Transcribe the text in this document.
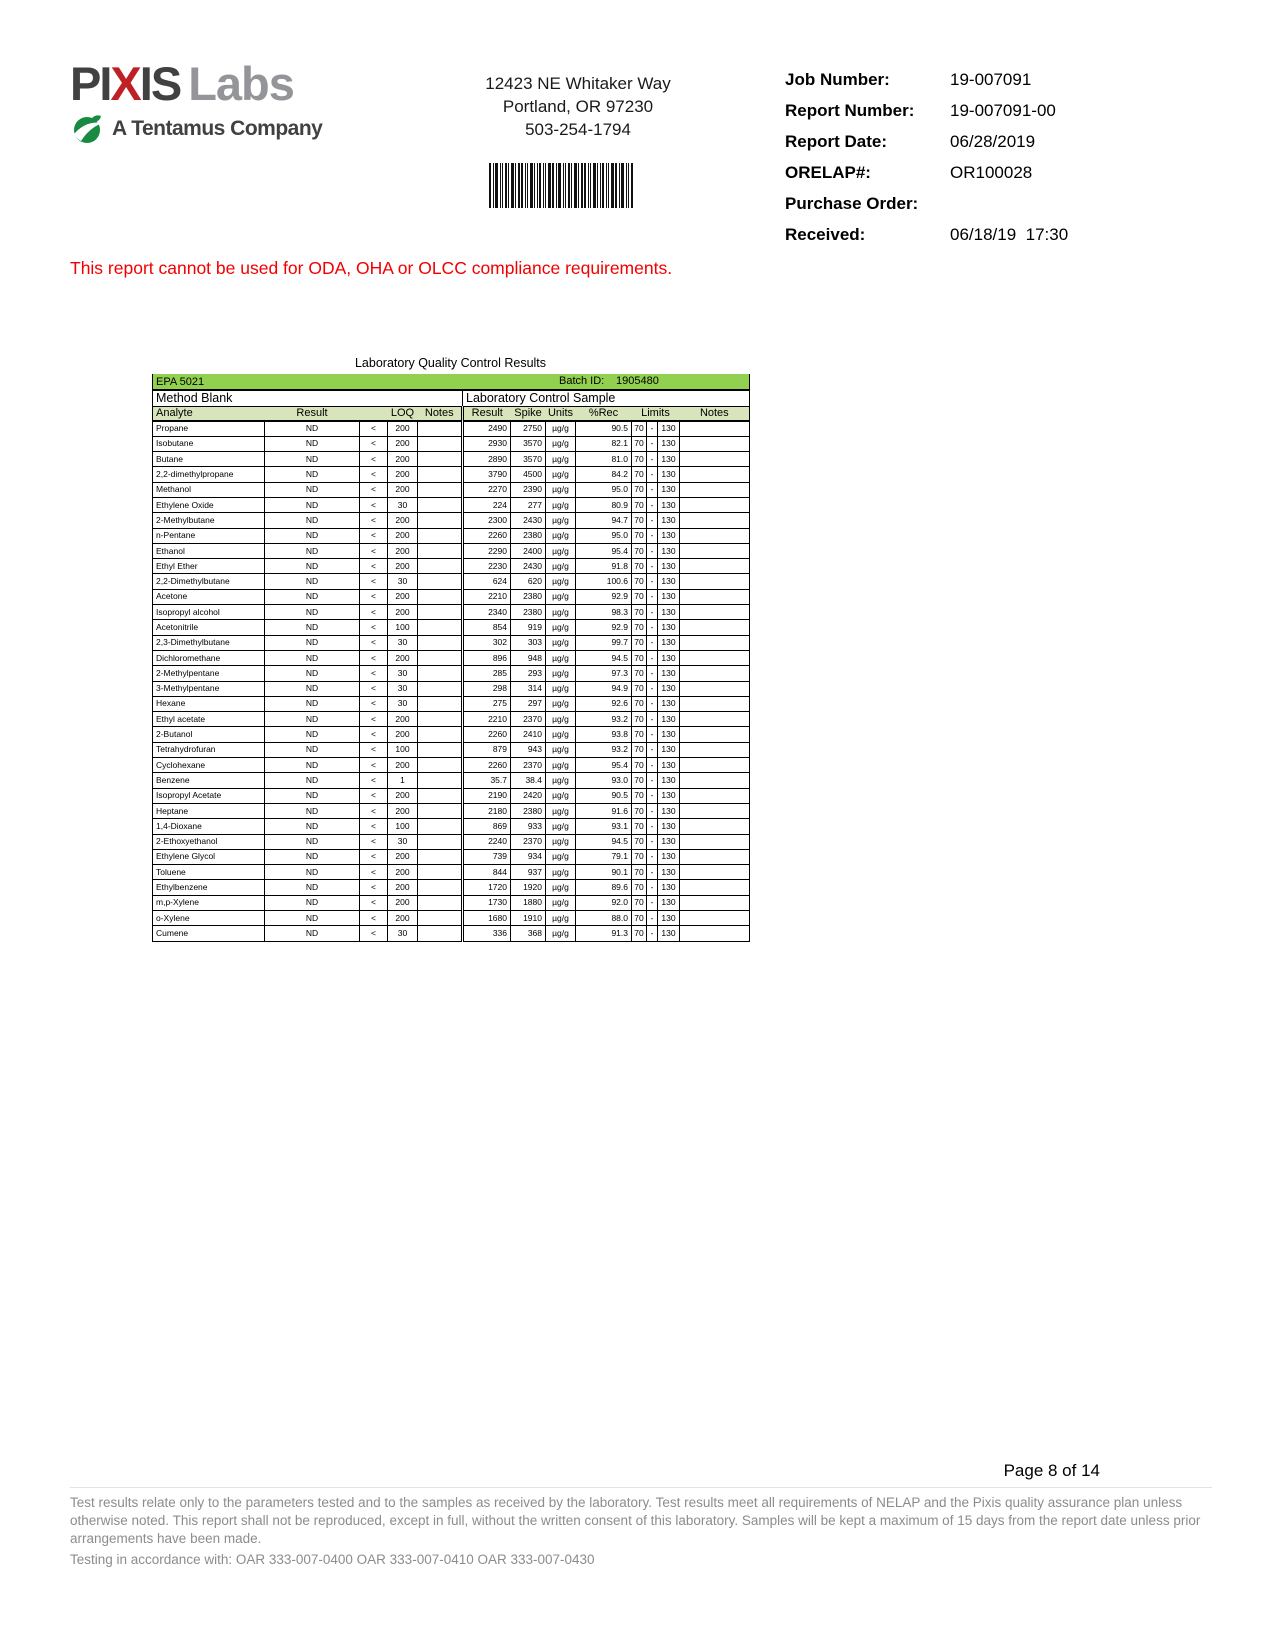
PIXIS Labs
A Tentamus Company
12423 NE Whitaker Way
Portland, OR 97230
503-254-1794
Job Number:	19-007091
Report Number:	19-007091-00
Report Date:	06/28/2019
ORELAP#:	OR100028
Purchase Order:
Received:	06/18/19  17:30
This report cannot be used for ODA, OHA or OLCC compliance requirements.
Laboratory Quality Control Results
EPA 5021 Batch ID: 1905480												

Method Blank					Laboratory Control Sample							
Analyte	Result		LOQ	Notes	Result	Spike	Units	%Rec	Limits			Notes
Propane	ND	<	200		2490	2750	µg/g	90.5	70	-	130	
Isobutane	ND	<	200		2930	3570	µg/g	82.1	70	-	130	
Butane	ND	<	200		2890	3570	µg/g	81.0	70	-	130	
2,2-dimethylpropane	ND	<	200		3790	4500	µg/g	84.2	70	-	130	
Methanol	ND	<	200		2270	2390	µg/g	95.0	70	-	130	
Ethylene Oxide	ND	<	30		224	277	µg/g	80.9	70	-	130	
2-Methylbutane	ND	<	200		2300	2430	µg/g	94.7	70	-	130	
n-Pentane	ND	<	200		2260	2380	µg/g	95.0	70	-	130	
Ethanol	ND	<	200		2290	2400	µg/g	95.4	70	-	130	
Ethyl Ether	ND	<	200		2230	2430	µg/g	91.8	70	-	130	
2,2-Dimethylbutane	ND	<	30		624	620	µg/g	100.6	70	-	130	
Acetone	ND	<	200		2210	2380	µg/g	92.9	70	-	130	
Isopropyl alcohol	ND	<	200		2340	2380	µg/g	98.3	70	-	130	
Acetonitrile	ND	<	100		854	919	µg/g	92.9	70	-	130	
2,3-Dimethylbutane	ND	<	30		302	303	µg/g	99.7	70	-	130	
Dichloromethane	ND	<	200		896	948	µg/g	94.5	70	-	130	
2-Methylpentane	ND	<	30		285	293	µg/g	97.3	70	-	130	
3-Methylpentane	ND	<	30		298	314	µg/g	94.9	70	-	130	
Hexane	ND	<	30		275	297	µg/g	92.6	70	-	130	
Ethyl acetate	ND	<	200		2210	2370	µg/g	93.2	70	-	130	
2-Butanol	ND	<	200		2260	2410	µg/g	93.8	70	-	130	
Tetrahydrofuran	ND	<	100		879	943	µg/g	93.2	70	-	130	
Cyclohexane	ND	<	200		2260	2370	µg/g	95.4	70	-	130	
Benzene	ND	<	1		35.7	38.4	µg/g	93.0	70	-	130	
Isopropyl Acetate	ND	<	200		2190	2420	µg/g	90.5	70	-	130	
Heptane	ND	<	200		2180	2380	µg/g	91.6	70	-	130	
1,4-Dioxane	ND	<	100		869	933	µg/g	93.1	70	-	130	
2-Ethoxyethanol	ND	<	30		2240	2370	µg/g	94.5	70	-	130	
Ethylene Glycol	ND	<	200		739	934	µg/g	79.1	70	-	130	
Toluene	ND	<	200		844	937	µg/g	90.1	70	-	130	
Ethylbenzene	ND	<	200		1720	1920	µg/g	89.6	70	-	130	
m,p-Xylene	ND	<	200		1730	1880	µg/g	92.0	70	-	130	
o-Xylene	ND	<	200		1680	1910	µg/g	88.0	70	-	130	
Cumene	ND	<	30		336	368	µg/g	91.3	70	-	130	
Page 8 of 14
Test results relate only to the parameters tested and to the samples as received by the laboratory. Test results meet all requirements of NELAP and the Pixis quality assurance plan unless otherwise noted. This report shall not be reproduced, except in full, without the written consent of this laboratory. Samples will be kept a maximum of 15 days from the report date unless prior arrangements have been made.
Testing in accordance with: OAR 333-007-0400 OAR 333-007-0410 OAR 333-007-0430
